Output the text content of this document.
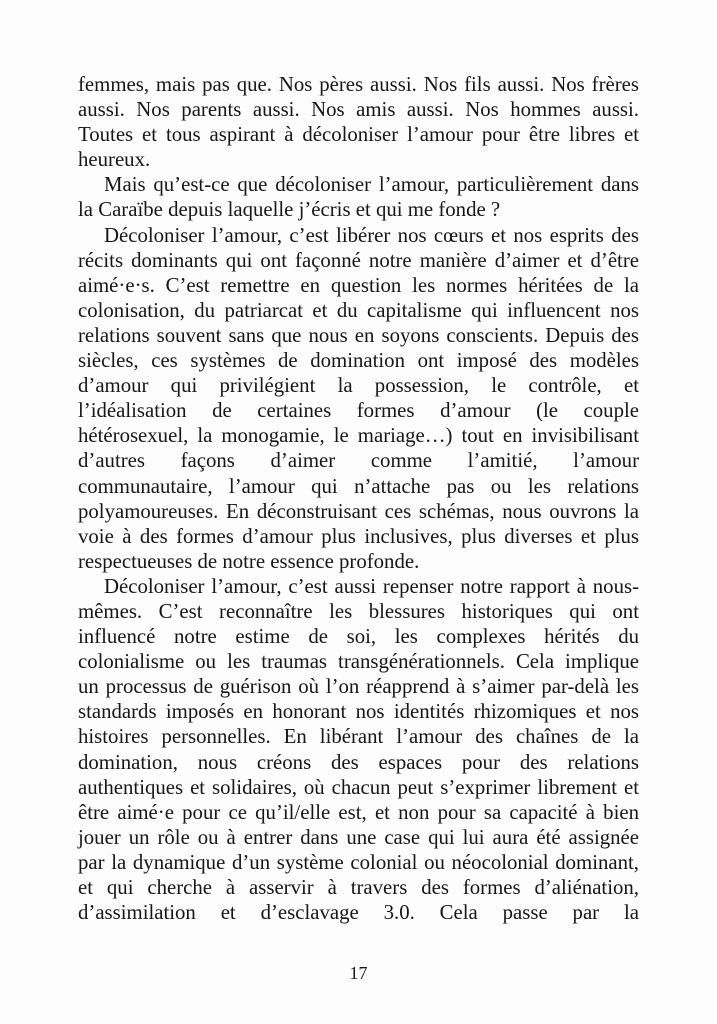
femmes, mais pas que. Nos pères aussi. Nos fils aussi. Nos frères
aussi. Nos parents aussi. Nos amis aussi. Nos hommes aussi.
Toutes et tous aspirant à décoloniser l’amour pour être libres et
heureux.
Mais qu’est-ce que décoloniser l’amour, particulièrement dans
la Caraïbe depuis laquelle j’écris et qui me fonde ?
Décoloniser l’amour, c’est libérer nos cœurs et nos esprits des
récits dominants qui ont façonné notre manière d’aimer et d’être
aimé·e·s. C’est remettre en question les normes héritées de la
colonisation, du patriarcat et du capitalisme qui influencent nos
relations souvent sans que nous en soyons conscients. Depuis des
siècles, ces systèmes de domination ont imposé des modèles
d’amour qui privilégient la possession, le contrôle, et
l’idéalisation de certaines formes d’amour (le couple
hétérosexuel, la monogamie, le mariage…) tout en invisibilisant
d’autres façons d’aimer comme l’amitié, l’amour
communautaire, l’amour qui n’attache pas ou les relations
polyamoureuses. En déconstruisant ces schémas, nous ouvrons la
voie à des formes d’amour plus inclusives, plus diverses et plus
respectueuses de notre essence profonde.
Décoloniser l’amour, c’est aussi repenser notre rapport à nous-
mêmes. C’est reconnaître les blessures historiques qui ont
influencé notre estime de soi, les complexes hérités du
colonialisme ou les traumas transgénérationnels. Cela implique
un processus de guérison où l’on réapprend à s’aimer par-delà les
standards imposés en honorant nos identités rhizomiques et nos
histoires personnelles. En libérant l’amour des chaînes de la
domination, nous créons des espaces pour des relations
authentiques et solidaires, où chacun peut s’exprimer librement et
être aimé·e pour ce qu’il/elle est, et non pour sa capacité à bien
jouer un rôle ou à entrer dans une case qui lui aura été assignée
par la dynamique d’un système colonial ou néocolonial dominant,
et qui cherche à asservir à travers des formes d’aliénation,
d’assimilation et d’esclavage 3.0. Cela passe par la
17
